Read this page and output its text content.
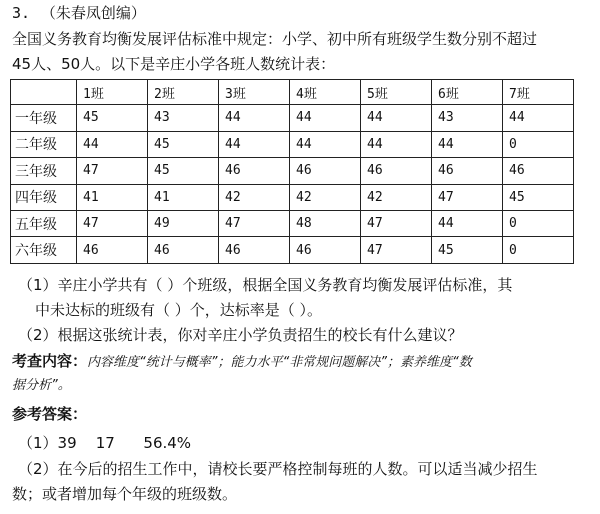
3. （朱春凤创编）
全国义务教育均衡发展评估标准中规定：小学、初中所有班级学生数分别不超过
45人、50人。以下是辛庄小学各班人数统计表：
	1班	2班	3班	4班	5班	6班	7班
一年级	45	43	44	44	44	43	44
二年级	44	45	44	44	44	44	0
三年级	47	45	46	46	46	46	46
四年级	41	41	42	42	42	47	45
五年级	47	49	47	48	47	44	0
六年级	46	46	46	46	47	45	0
（1）辛庄小学共有（ ）个班级，根据全国义务教育均衡发展评估标准，其
中未达标的班级有（ ）个，达标率是（ ）。
（2）根据这张统计表，你对辛庄小学负责招生的校长有什么建议？
考查内容：内容维度“统计与概率”；能力水平“非常规问题解决”；素养维度“数
据分析”。
参考答案：
（1）39    17      56.4%
（2）在今后的招生工作中，请校长要严格控制每班的人数。可以适当减少招生
数；或者增加每个年级的班级数。
